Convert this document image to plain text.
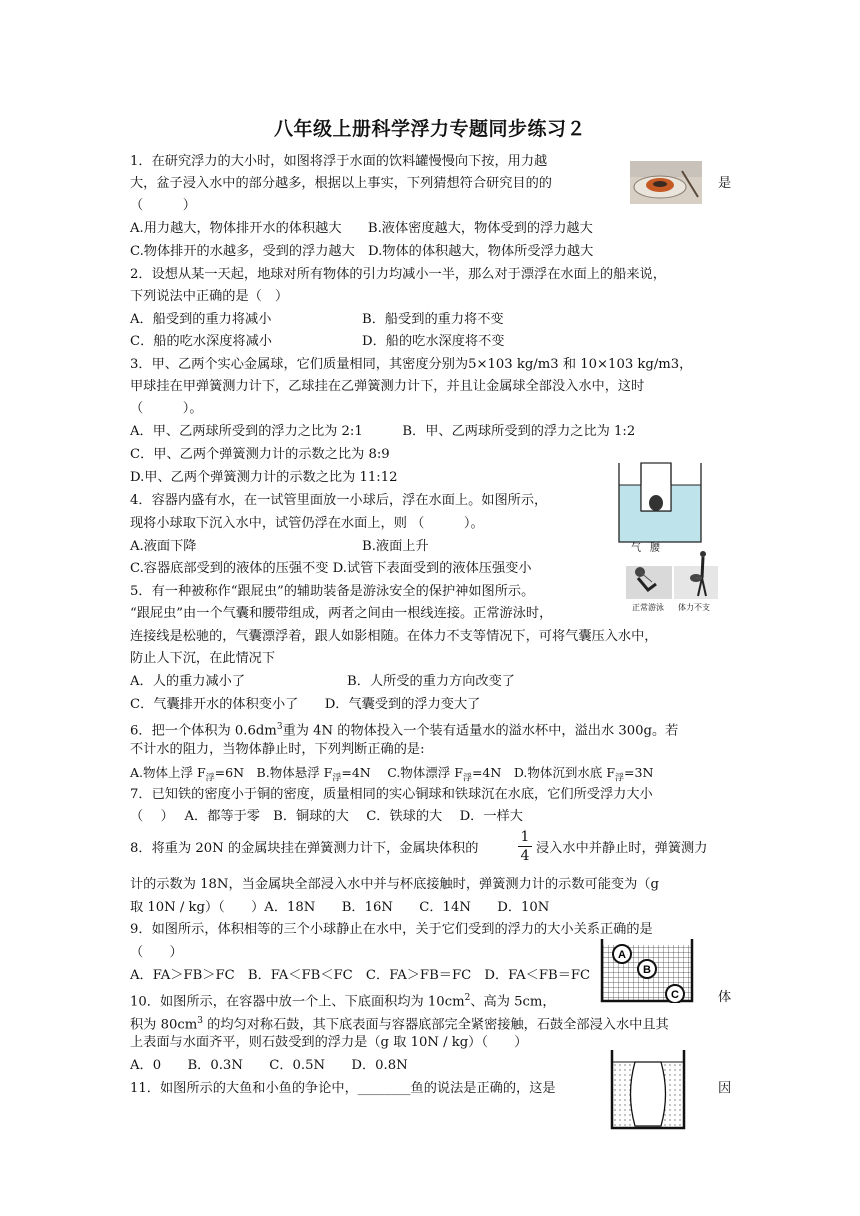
八年级上册科学浮力专题同步练习２
1．在研究浮力的大小时，如图将浮于水面的饮料罐慢慢向下按，用力越
大，盆子浸入水中的部分越多，根据以上事实，下列猜想符合研究目的的	是
（　　　）
A.用力越大，物体排开水的体积越大　　B.液体密度越大，物体受到的浮力越大
C.物体排开的水越多，受到的浮力越大　D.物体的体积越大，物体所受浮力越大
2．设想从某一天起，地球对所有物体的引力均减小一半，那么对于漂浮在水面上的船来说，
下列说法中正确的是（　）
A．船受到的重力将减小	B．船受到的重力将不变
C．船的吃水深度将减小	D．船的吃水深度将不变
3．甲、乙两个实心金属球，它们质量相同，其密度分别为5×103 kg/m3 和 10×103 kg/m3，
甲球挂在甲弹簧测力计下，乙球挂在乙弹簧测力计下，并且让金属球全部没入水中，这时
（　　　）。
A．甲、乙两球所受到的浮力之比为 2:1　　　B．甲、乙两球所受到的浮力之比为 1:2
C．甲、乙两个弹簧测力计的示数之比为 8:9
D.甲、乙两个弹簧测力计的示数之比为 11:12
4．容器内盛有水，在一试管里面放一小球后，浮在水面上。如图所示，
现将小球取下沉入水中，试管仍浮在水面上，则 （　　　）。
A.液面下降	B.液面上升
C.容器底部受到的液体的压强不变 D.试管下表面受到的液体压强变小
气 腰
正常游泳 体力不支
5．有一种被称作“跟屁虫”的辅助装备是游泳安全的保护神如图所示。
“跟屁虫”由一个气囊和腰带组成，两者之间由一根线连接。正常游泳时，
连接线是松驰的，气囊漂浮着，跟人如影相随。在体力不支等情况下，可将气囊压入水中，
防止人下沉，在此情况下
A．人的重力减小了	B．人所受的重力方向改变了
C．气囊排开水的体积变小了　　D．气囊受到的浮力变大了
6．把一个体积为 $0.6dm^3$重为 4N 的物体投入一个装有适量水的溢水杯中，溢出水 300g。若
不计水的阻力，当物体静止时，下列判断正确的是:
A.物体上浮 $F_浮=6N$　B.物体悬浮 $F_浮=4N$　 C.物体漂浮 $F_浮=4N$　D.物体沉到水底 $F_浮=3N$
7．已知铁的密度小于铜的密度，质量相同的实心铜球和铁球沉在水底，它们所受浮力大小
（　 ）　 A．都等于零　B．铜球的大　 C．铁球的大　 D．一样大
8．将重为 20N 的金属块挂在弹簧测力计下，金属块体积的
1
4 浸入水中并静止时，弹簧测力
计的示数为 18N，当金属块全部浸入水中并与杯底接触时，弹簧测力计的示数可能变为（g
取 10N / kg）（　　）A．18N　　B．16N　　C．14N　　D．10N
9．如图所示，体积相等的三个小球静止在水中，关于它们受到的浮力的大小关系正确的是
（　　）
A．FA＞FB＞FC　B．FA＜FB＜FC　C．FA＞FB＝FC　D．FA＜FB＝FC
A
B
C
10．如图所示，在容器中放一个上、下底面积均为 $10cm^2$、高为 5cm，	体
积为 $80cm^3$ 的均匀对称石鼓，其下底表面与容器底部完全紧密接触，石鼓全部浸入水中且其
上表面与水面齐平，则石鼓受到的浮力是（g 取 10N / kg）（　　）
A．0　　B．0.3N　　C．0.5N　　D．0.8N
11．如图所示的大鱼和小鱼的争论中，________鱼的说法是正确的，这是	因
